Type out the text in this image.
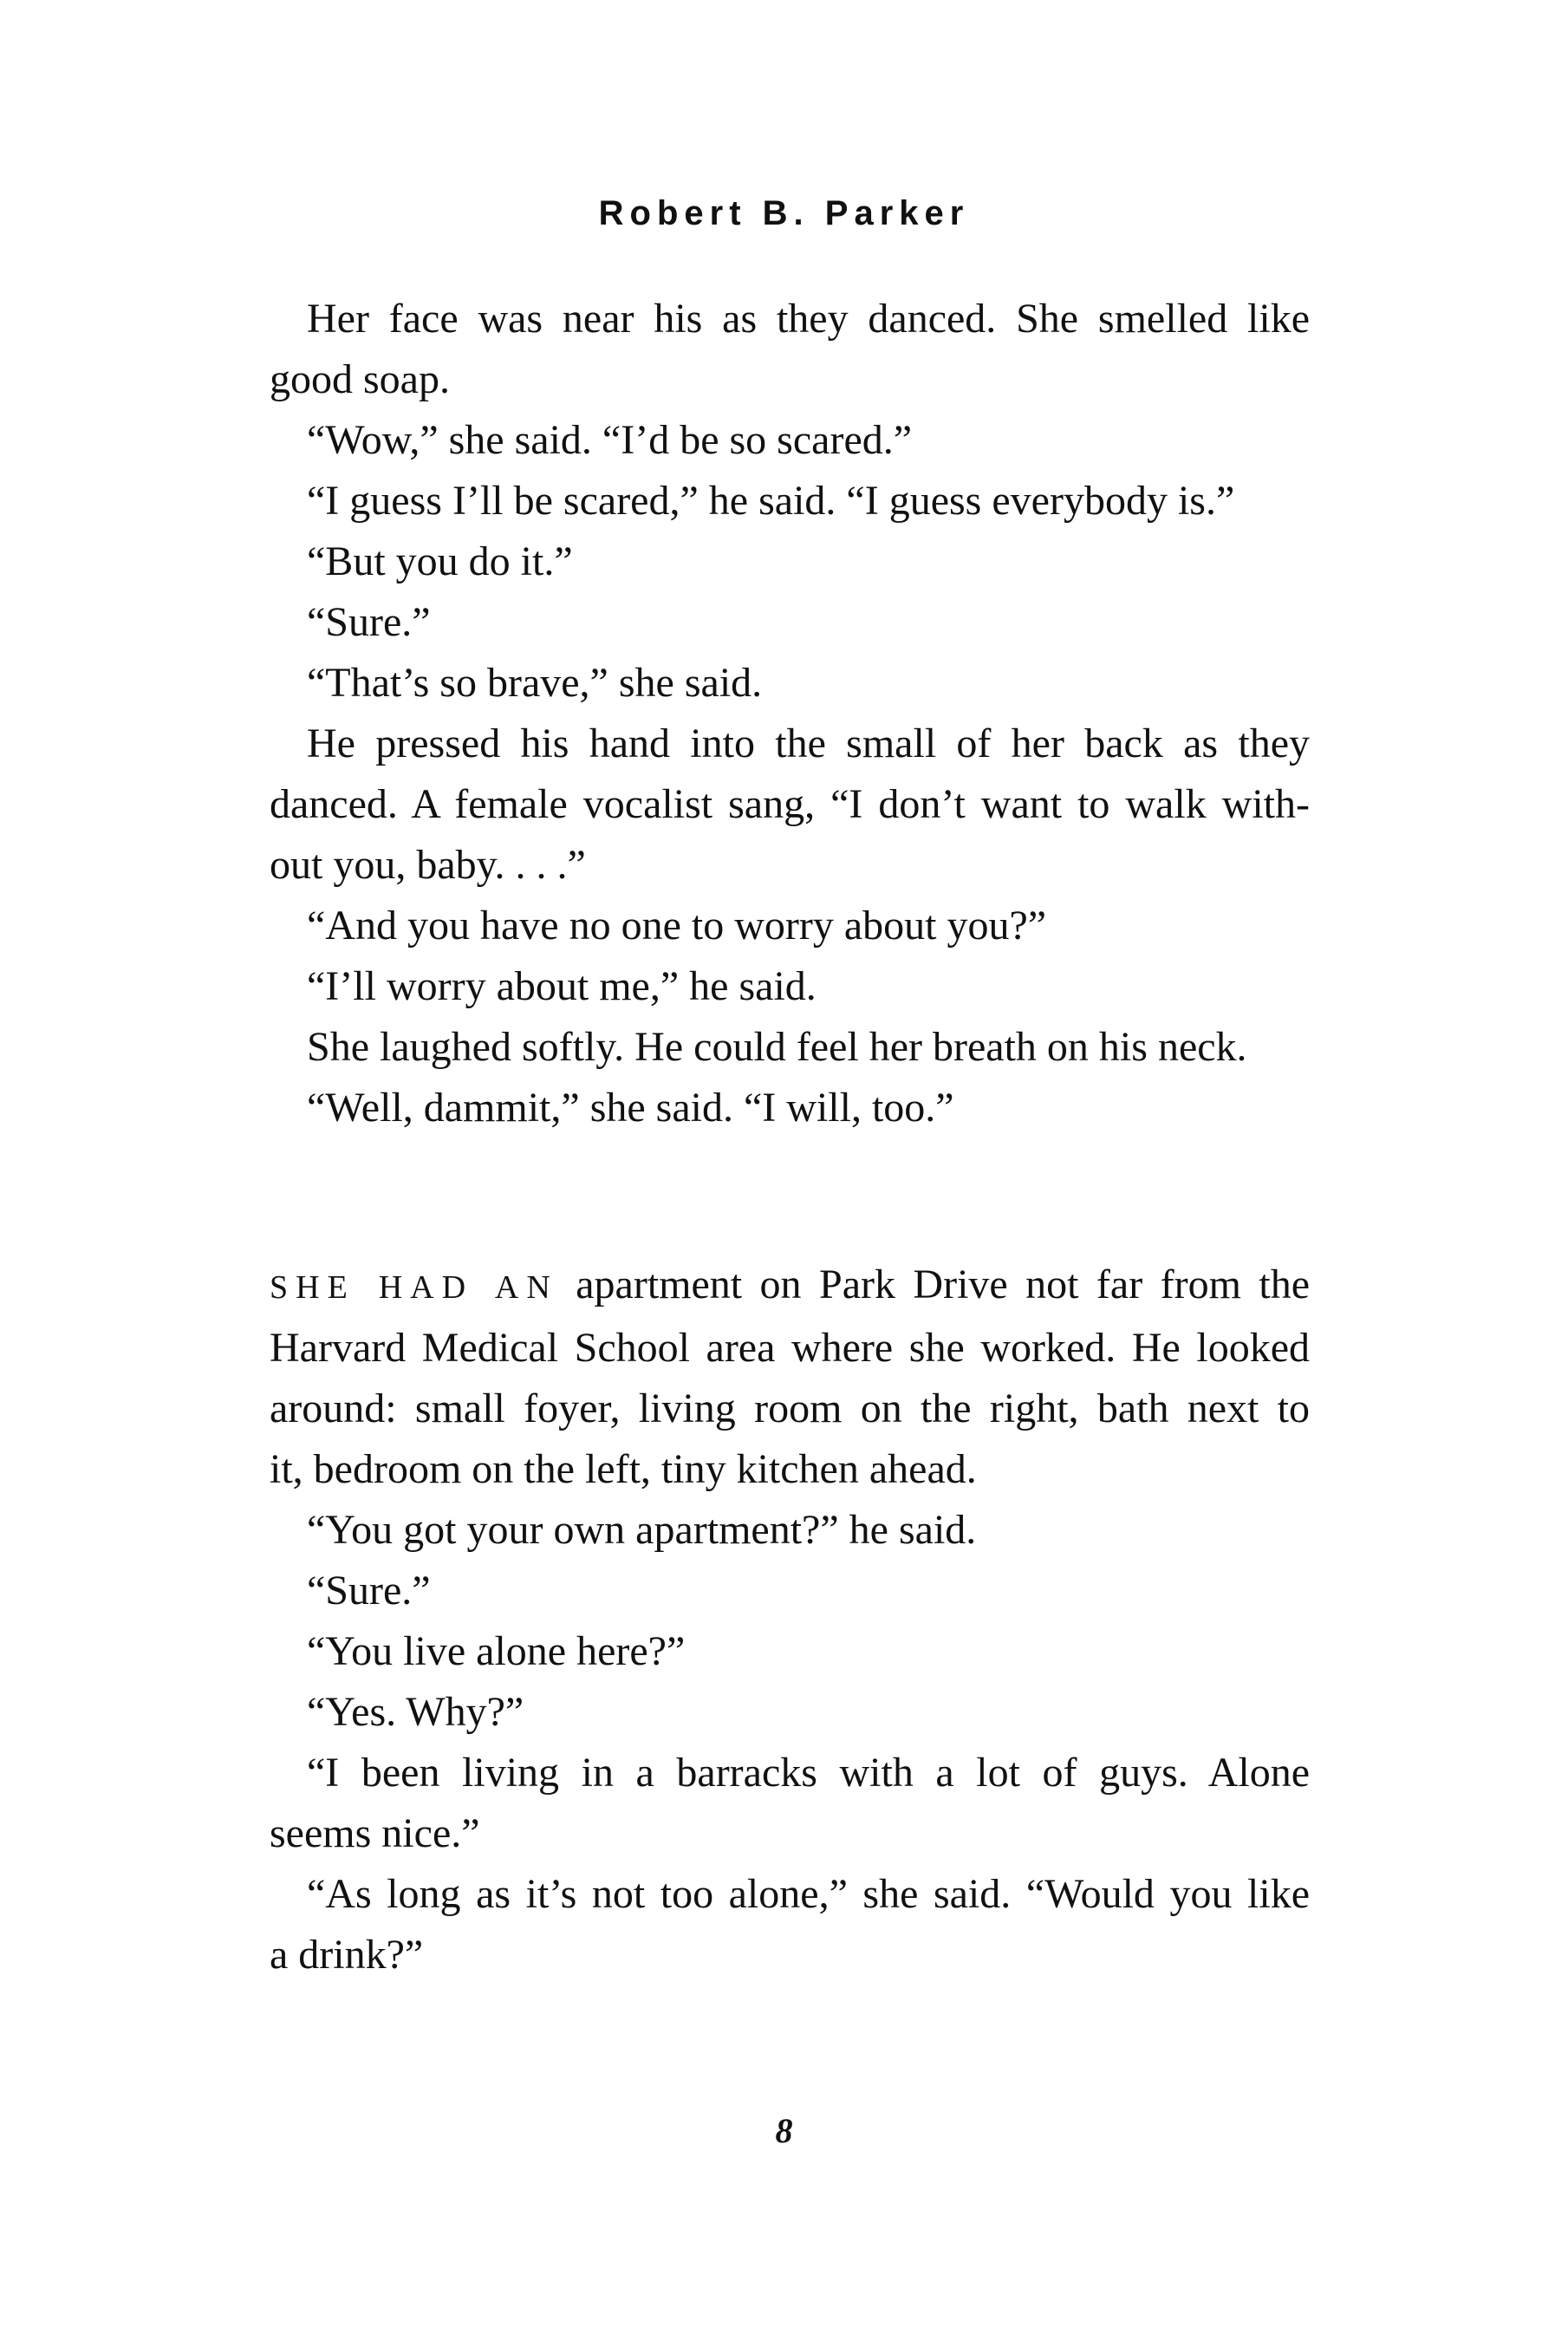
Robert B. Parker

Her face was near his as they danced. She smelled like

good soap.

“Wow,” she said. “I’d be so scared.”

“I guess I’ll be scared,” he said. “I guess everybody is.”

“But you do it.”

“Sure.”

“That’s so brave,” she said.

He pressed his hand into the small of her back as they

danced. A female vocalist sang, “I don’t want to walk with-

out you, baby. . . .”

“And you have no one to worry about you?”

“I’ll worry about me,” he said.

She laughed softly. He could feel her breath on his neck.

“Well, dammit,” she said. “I will, too.”

SHE HAD AN apartment on Park Drive not far from the

Harvard Medical School area where she worked. He looked

around: small foyer, living room on the right, bath next to

it, bedroom on the left, tiny kitchen ahead.

“You got your own apartment?” he said.

“Sure.”

“You live alone here?”

“Yes. Why?”

“I been living in a barracks with a lot of guys. Alone

seems nice.”

“As long as it’s not too alone,” she said. “Would you like

a drink?”

8
